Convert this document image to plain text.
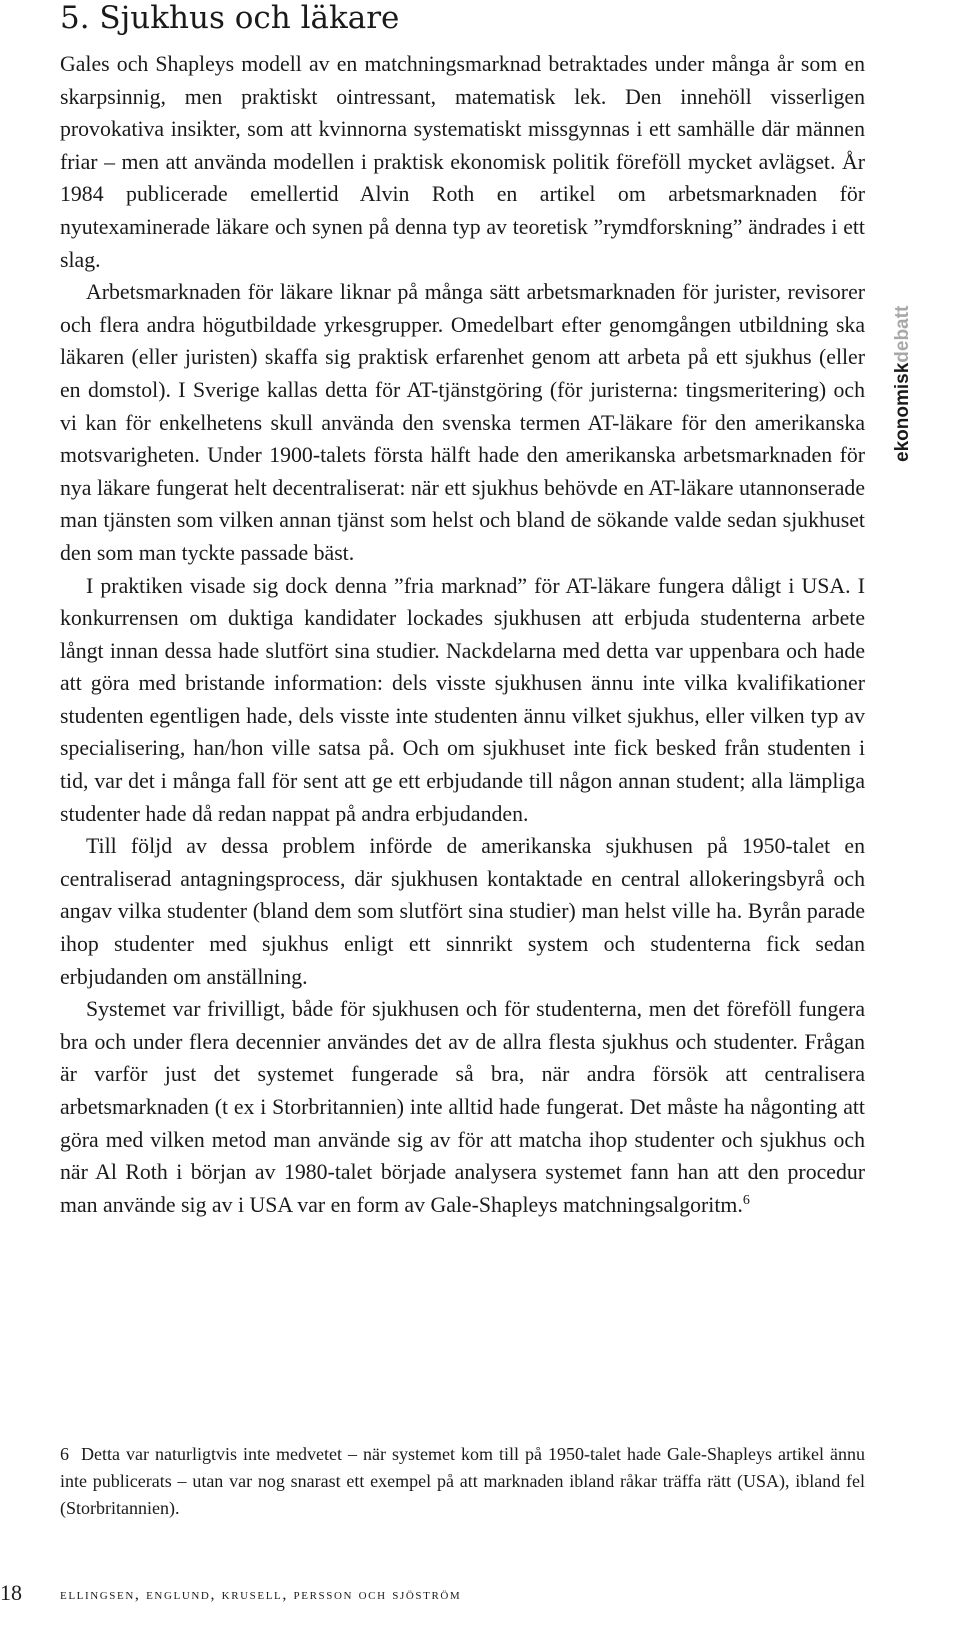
5. Sjukhus och läkare

Gales och Shapleys modell av en matchningsmarknad betraktades under många år som en skarpsinnig, men praktiskt ointressant, matematisk lek. Den innehöll visserligen provokativa insikter, som att kvinnorna systematiskt missgynnas i ett samhälle där männen friar – men att använda modellen i praktisk ekonomisk politik föreföll mycket avlägset. År 1984 publicerade emellertid Alvin Roth en artikel om arbetsmarknaden för nyutexaminerade läkare och synen på denna typ av teoretisk ”rymdforskning” ändrades i ett slag.

Arbetsmarknaden för läkare liknar på många sätt arbetsmarknaden för jurister, revisorer och flera andra högutbildade yrkesgrupper. Omedelbart efter genomgången utbildning ska läkaren (eller juristen) skaffa sig praktisk erfarenhet genom att arbeta på ett sjukhus (eller en domstol). I Sverige kallas detta för AT-tjänstgöring (för juristerna: tingsmeritering) och vi kan för enkelhetens skull använda den svenska termen AT-läkare för den amerikanska motsvarigheten. Under 1900-talets första hälft hade den amerikanska arbetsmarknaden för nya läkare fungerat helt decentraliserat: när ett sjukhus behövde en AT-läkare utannonserade man tjänsten som vilken annan tjänst som helst och bland de sökande valde sedan sjukhuset den som man tyckte passade bäst.

I praktiken visade sig dock denna ”fria marknad” för AT-läkare fungera dåligt i USA. I konkurrensen om duktiga kandidater lockades sjukhusen att erbjuda studenterna arbete långt innan dessa hade slutfört sina studier. Nackdelarna med detta var uppenbara och hade att göra med bristande information: dels visste sjukhusen ännu inte vilka kvalifikationer studenten egentligen hade, dels visste inte studenten ännu vilket sjukhus, eller vilken typ av specialisering, han/hon ville satsa på. Och om sjukhuset inte fick besked från studenten i tid, var det i många fall för sent att ge ett erbjudande till någon annan student; alla lämpliga studenter hade då redan nappat på andra erbjudanden.

Till följd av dessa problem införde de amerikanska sjukhusen på 1950-talet en centraliserad antagningsprocess, där sjukhusen kontaktade en central allokeringsbyrå och angav vilka studenter (bland dem som slutfört sina studier) man helst ville ha. Byrån parade ihop studenter med sjukhus enligt ett sinnrikt system och studenterna fick sedan erbjudanden om anställning.

Systemet var frivilligt, både för sjukhusen och för studenterna, men det föreföll fungera bra och under flera decennier användes det av de allra flesta sjukhus och studenter. Frågan är varför just det systemet fungerade så bra, när andra försök att centralisera arbetsmarknaden (t ex i Storbritannien) inte alltid hade fungerat. Det måste ha någonting att göra med vilken metod man använde sig av för att matcha ihop studenter och sjukhus och när Al Roth i början av 1980-talet började analysera systemet fann han att den procedur man använde sig av i USA var en form av Gale-Shapleys matchningsalgoritm.$^6$

6 Detta var naturligtvis inte medvetet – när systemet kom till på 1950-talet hade Gale-Shapleys artikel ännu inte publicerats – utan var nog snarast ett exempel på att marknaden ibland råkar träffa rätt (USA), ibland fel (Storbritannien).

ekonomiskdebatt
18 ellingsen, englund, krusell, persson och sjöström
